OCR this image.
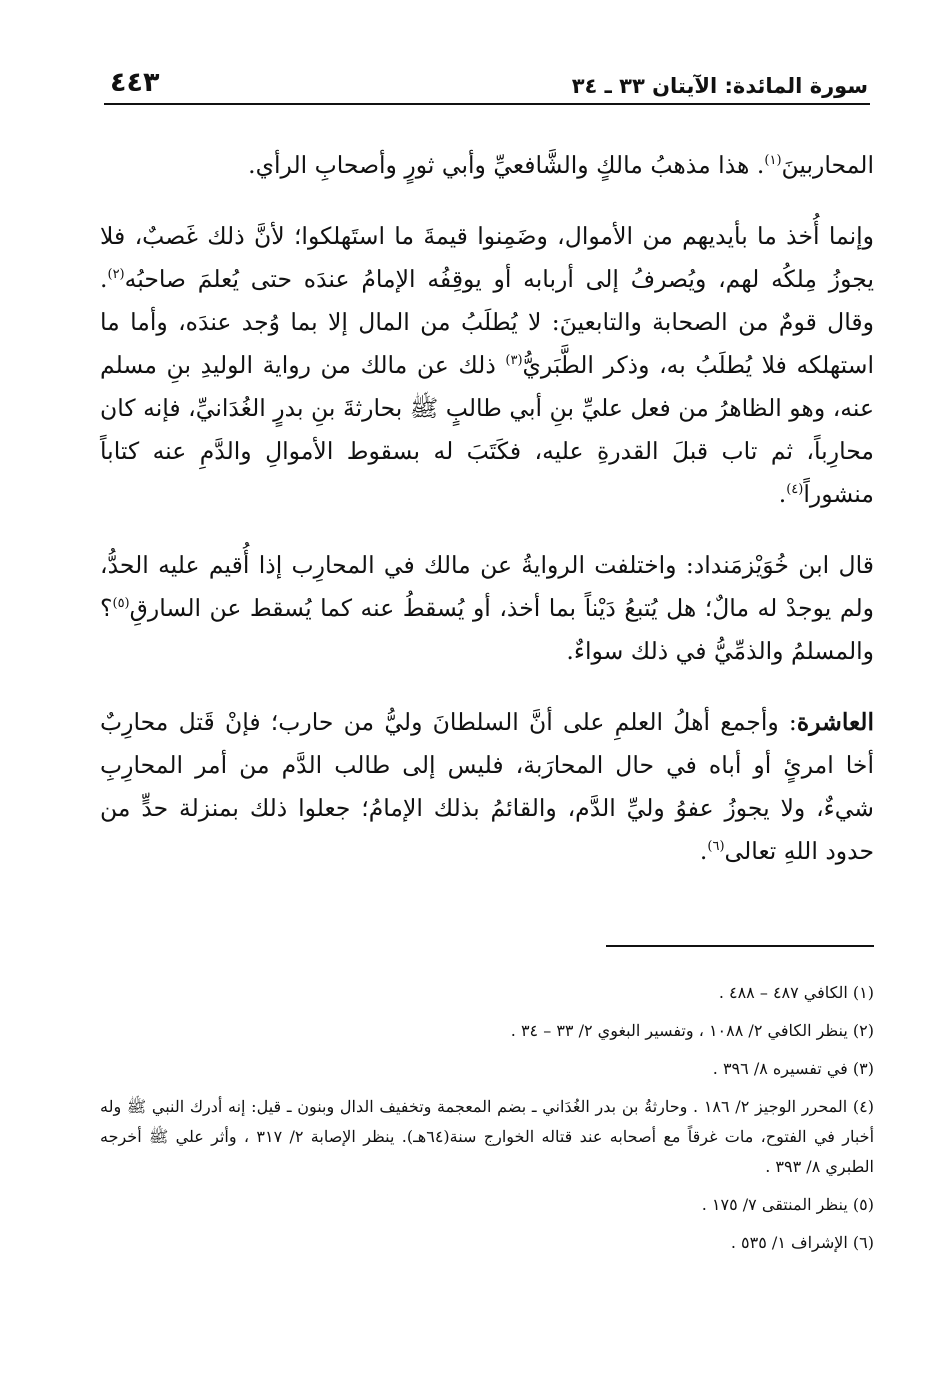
سورة المائدة: الآيتان ٣٣ ـ ٣٤
٤٤٣

المحاربينَ$^{(١)}$. هذا مذهبُ مالكٍ والشَّافعيِّ وأبي ثورٍ وأصحابِ الرأي.

وإنما أُخذ ما بأيديهم من الأموال، وضَمِنوا قيمةَ ما استَهلكوا؛ لأنَّ ذلك غَصبٌ، فلا يجوزُ مِلكُه لهم، ويُصرفُ إلى أربابه أو يوقِفُه الإمامُ عندَه حتى يُعلمَ صاحبُه$^{(٢)}$. وقال قومٌ من الصحابة والتابعينَ: لا يُطلَبُ من المال إلا بما وُجد عندَه، وأما ما استهلكه فلا يُطلَبُ به، وذكر الطَّبَريُّ$^{(٣)}$ ذلك عن مالك من رواية الوليدِ بنِ مسلم عنه، وهو الظاهرُ من فعل عليِّ بنِ أبي طالبٍ ﷺ بحارثةَ بنِ بدرٍ الغُدَانيِّ، فإنه كان محارِباً، ثم تاب قبلَ القدرةِ عليه، فكَتَبَ له بسقوط الأموالِ والدَّمِ عنه كتاباً منشوراً$^{(٤)}$.

قال ابن خُوَيْزمَنداد: واختلفت الروايةُ عن مالك في المحارِب إذا أُقيم عليه الحدُّ، ولم يوجدْ له مالٌ؛ هل يُتبعُ دَيْناً بما أخذ، أو يُسقطُ عنه كما يُسقط عن السارقِ$^{(٥)}$؟ والمسلمُ والذمِّيُّ في ذلك سواءٌ.

العاشرة: وأجمع أهلُ العلمِ على أنَّ السلطانَ وليُّ من حارب؛ فإنْ قَتل محارِبٌ أخا امرئٍ أو أباه في حال المحارَبة، فليس إلى طالب الدَّم من أمر المحارِبِ شيءٌ، ولا يجوزُ عفوُ وليِّ الدَّم، والقائمُ بذلك الإمامُ؛ جعلوا ذلك بمنزلة حدٍّ من حدود اللهِ تعالى$^{(٦)}$.

(١) الكافي ٤٨٧ – ٤٨٨ .

(٢) ينظر الكافي ٢/ ١٠٨٨ ، وتفسير البغوي ٢/ ٣٣ – ٣٤ .

(٣) في تفسيره ٨/ ٣٩٦ .

(٤) المحرر الوجيز ٢/ ١٨٦ . وحارثةُ بن بدر الغُدَاني ـ بضم المعجمة وتخفيف الدال وبنون ـ قيل: إنه أدرك النبي ﷺ وله أخبار في الفتوح، مات غرقاً مع أصحابه عند قتاله الخوارج سنة(٦٤هـ). ينظر الإصابة ٢/ ٣١٧ ، وأثر علي ﷺ أخرجه الطبري ٨/ ٣٩٣ .

(٥) ينظر المنتقى ٧/ ١٧٥ .

(٦) الإشراف ١/ ٥٣٥ .
